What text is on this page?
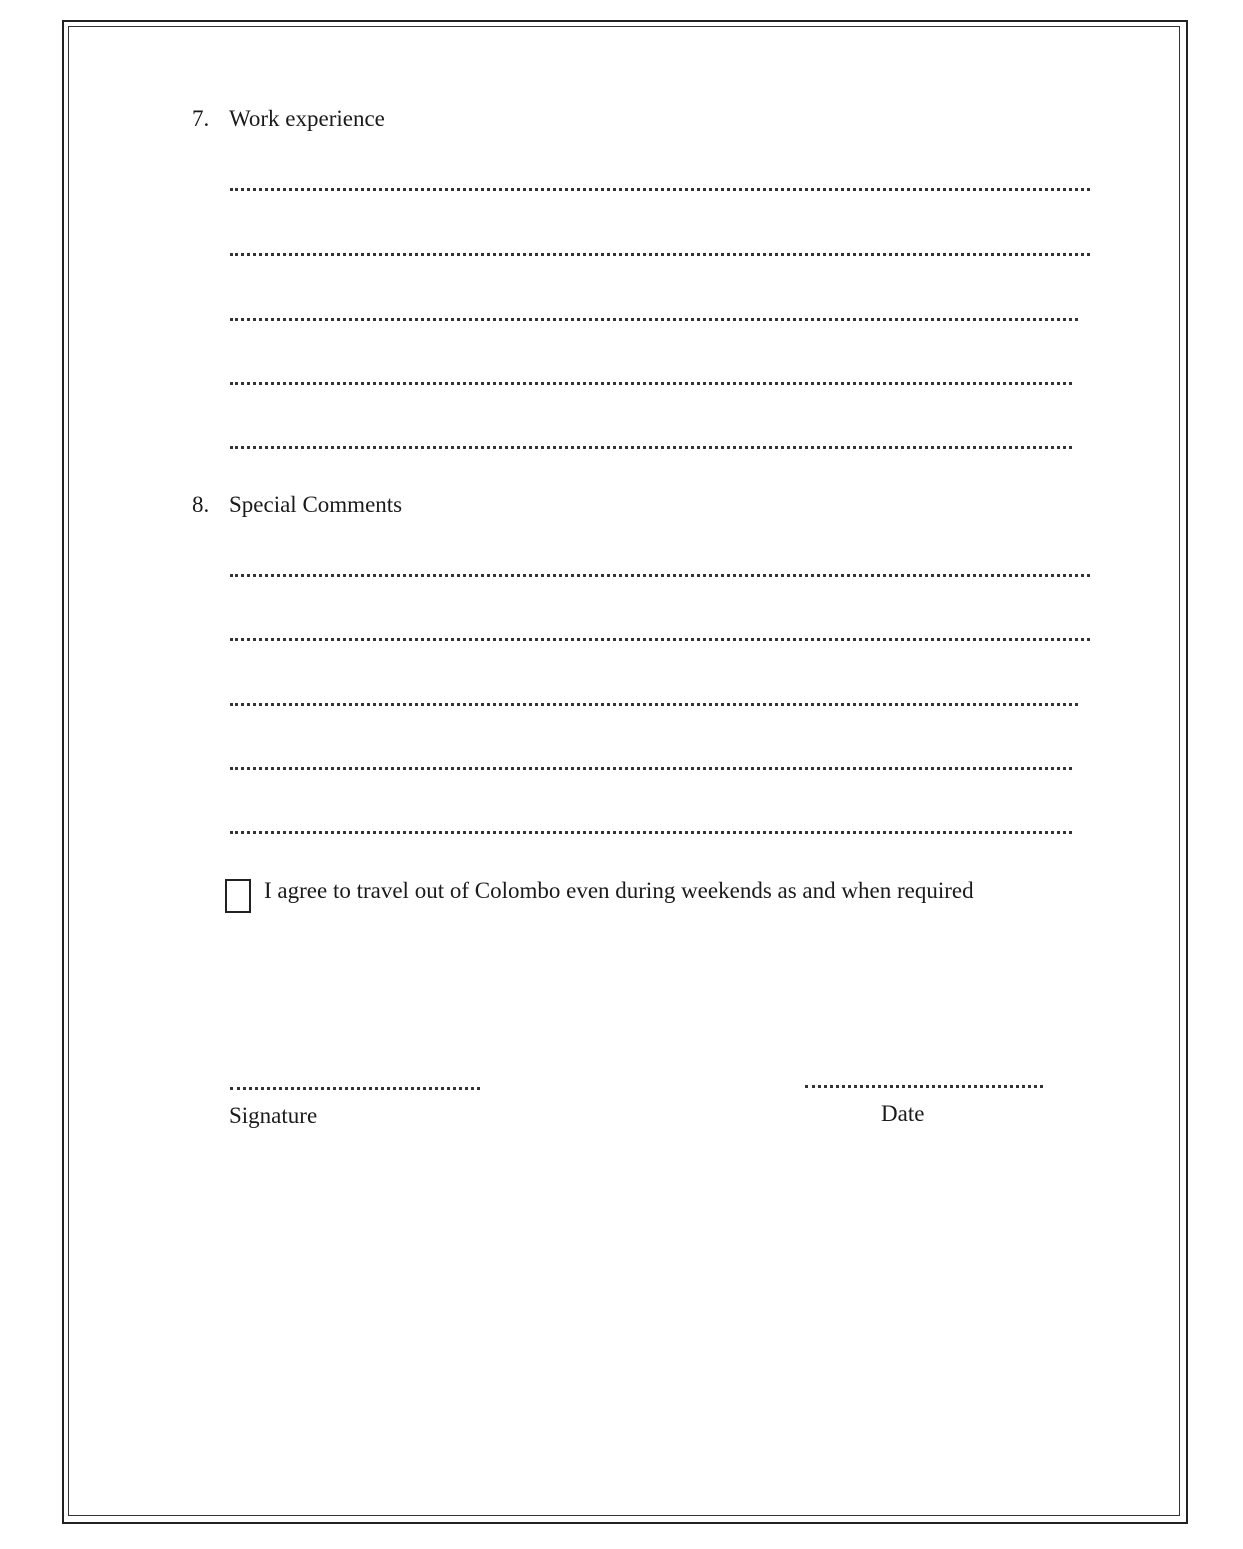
7. Work experience
8. Special Comments
I agree to travel out of Colombo even during weekends as and when required
Signature	Date
